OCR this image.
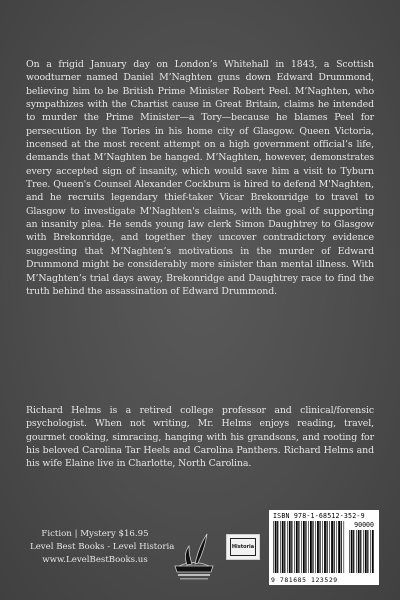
On a frigid January day on London’s Whitehall in 1843, a Scottish woodturner named Daniel M’Naghten guns down Edward Drummond, believing him to be British Prime Minister Robert Peel. M’Naghten, who sympathizes with the Chartist cause in Great Britain, claims he intended to murder the Prime Minister—a Tory—because he blames Peel for persecution by the Tories in his home city of Glasgow. Queen Victoria, incensed at the most recent attempt on a high government official’s life, demands that M’Naghten be hanged. M’Naghten, however, demonstrates every accepted sign of insanity, which would save him a visit to Tyburn Tree. Queen's Counsel Alexander Cockburn is hired to defend M'Naghten, and he recruits legendary thief-taker Vicar Brekonridge to travel to Glasgow to investigate M'Naghten's claims, with the goal of supporting an insanity plea. He sends young law clerk Simon Daughtrey to Glasgow with Brekonridge, and together they uncover contradictory evidence suggesting that M’Naghten’s motivations in the murder of Edward Drummond might be considerably more sinister than mental illness. With M’Naghten’s trial days away, Brekonridge and Daughtrey race to find the truth behind the assassination of Edward Drummond.

Richard Helms is a retired college professor and clinical/forensic psychologist. When not writing, Mr. Helms enjoys reading, travel, gourmet cooking, simracing, hanging with his grandsons, and rooting for his beloved Carolina Tar Heels and Carolina Panthers. Richard Helms and his wife Elaine live in Charlotte, North Carolina.

Fiction | Mystery $16.95
Level Best Books - Level Historia
www.LevelBestBooks.us
Historia
ISBN 978-1-68512-352-9
90000
9 781685 123529
